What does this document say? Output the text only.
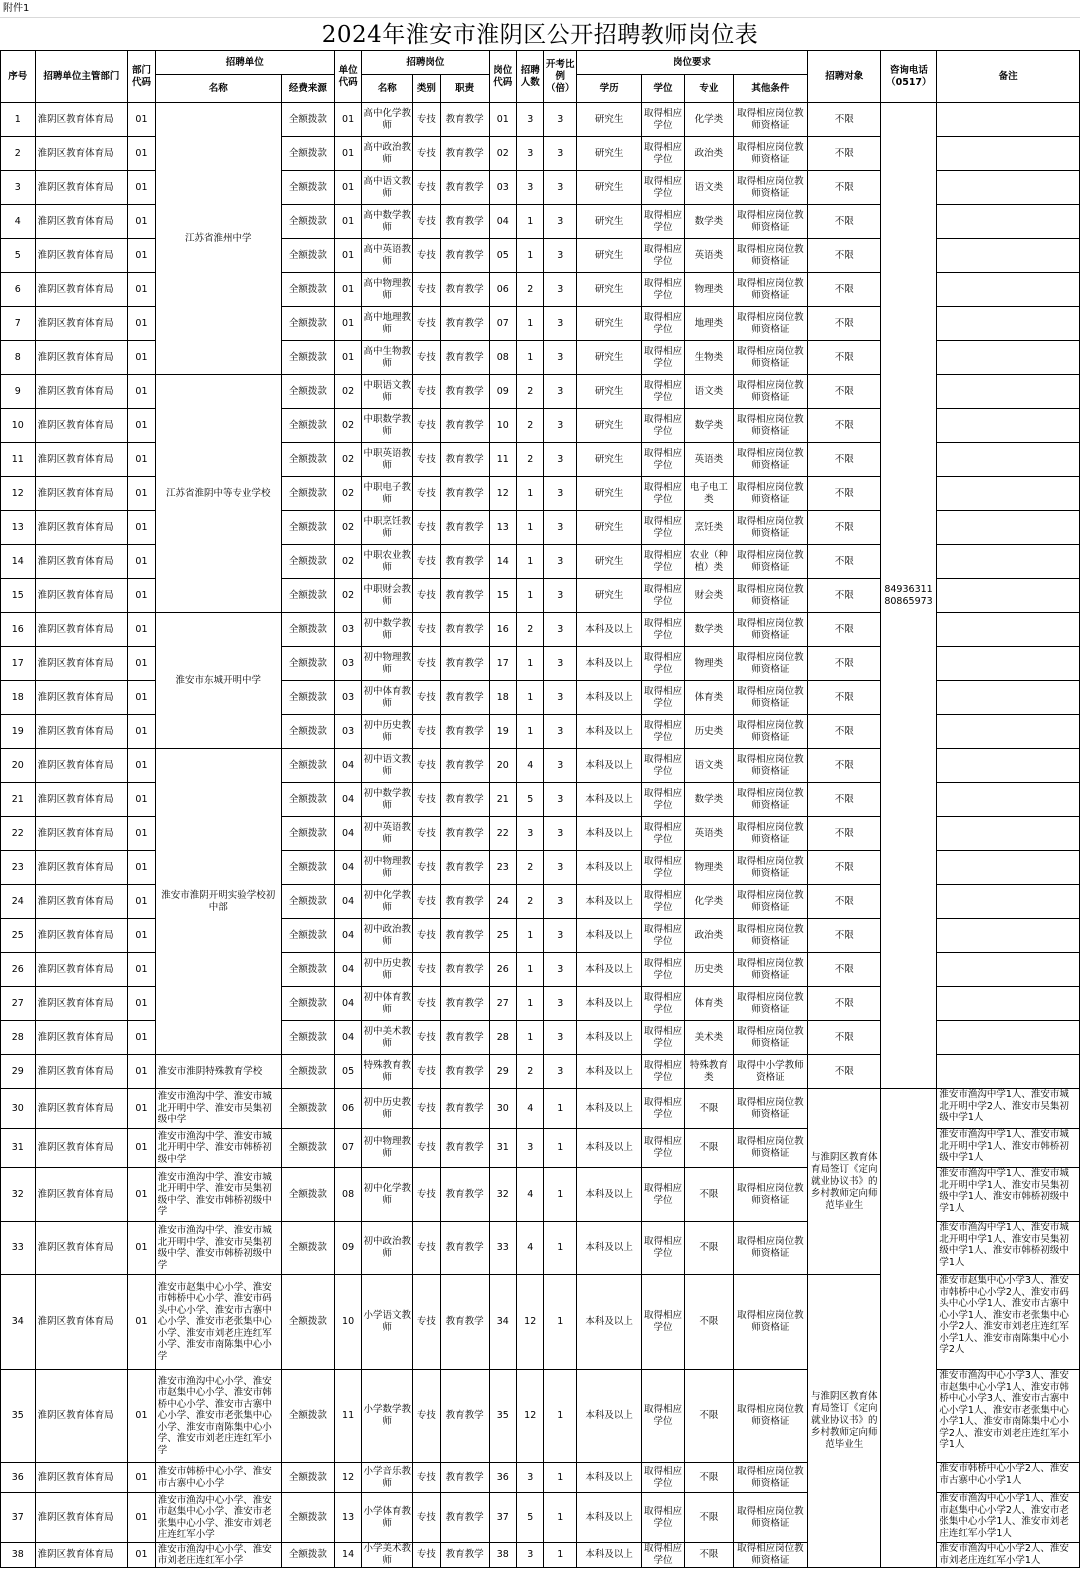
附件1
2024年淮安市淮阴区公开招聘教师岗位表
序号	招聘单位主管部门	部门代码	招聘单位		单位代码	招聘岗位			岗位代码	招聘人数	开考比例（倍）	岗位要求				招聘对象	咨询电话（0517）	备注
			名称	经费来源		名称	类别	职责				学历	学位	专业	其他条件			
1	淮阴区教育体育局	01	江苏省淮州中学	全额拨款	01	高中化学教师	专技	教育教学	01	3	3	研究生	取得相应学位	化学类	取得相应岗位教师资格证	不限	84936311
80865973	
2	淮阴区教育体育局	01		全额拨款	01	高中政治教师	专技	教育教学	02	3	3	研究生	取得相应学位	政治类	取得相应岗位教师资格证	不限		
3	淮阴区教育体育局	01		全额拨款	01	高中语文教师	专技	教育教学	03	3	3	研究生	取得相应学位	语文类	取得相应岗位教师资格证	不限		
4	淮阴区教育体育局	01		全额拨款	01	高中数学教师	专技	教育教学	04	1	3	研究生	取得相应学位	数学类	取得相应岗位教师资格证	不限		
5	淮阴区教育体育局	01		全额拨款	01	高中英语教师	专技	教育教学	05	1	3	研究生	取得相应学位	英语类	取得相应岗位教师资格证	不限		
6	淮阴区教育体育局	01		全额拨款	01	高中物理教师	专技	教育教学	06	2	3	研究生	取得相应学位	物理类	取得相应岗位教师资格证	不限		
7	淮阴区教育体育局	01		全额拨款	01	高中地理教师	专技	教育教学	07	1	3	研究生	取得相应学位	地理类	取得相应岗位教师资格证	不限		
8	淮阴区教育体育局	01		全额拨款	01	高中生物教师	专技	教育教学	08	1	3	研究生	取得相应学位	生物类	取得相应岗位教师资格证	不限		
9	淮阴区教育体育局	01	江苏省淮阴中等专业学校	全额拨款	02	中职语文教师	专技	教育教学	09	2	3	研究生	取得相应学位	语文类	取得相应岗位教师资格证	不限		
10	淮阴区教育体育局	01		全额拨款	02	中职数学教师	专技	教育教学	10	2	3	研究生	取得相应学位	数学类	取得相应岗位教师资格证	不限		
11	淮阴区教育体育局	01		全额拨款	02	中职英语教师	专技	教育教学	11	2	3	研究生	取得相应学位	英语类	取得相应岗位教师资格证	不限		
12	淮阴区教育体育局	01		全额拨款	02	中职电子教师	专技	教育教学	12	1	3	研究生	取得相应学位	电子电工类	取得相应岗位教师资格证	不限		
13	淮阴区教育体育局	01		全额拨款	02	中职烹饪教师	专技	教育教学	13	1	3	研究生	取得相应学位	烹饪类	取得相应岗位教师资格证	不限		
14	淮阴区教育体育局	01		全额拨款	02	中职农业教师	专技	教育教学	14	1	3	研究生	取得相应学位	农业（种植）类	取得相应岗位教师资格证	不限		
15	淮阴区教育体育局	01		全额拨款	02	中职财会教师	专技	教育教学	15	1	3	研究生	取得相应学位	财会类	取得相应岗位教师资格证	不限		
16	淮阴区教育体育局	01	淮安市东城开明中学	全额拨款	03	初中数学教师	专技	教育教学	16	2	3	本科及以上	取得相应学位	数学类	取得相应岗位教师资格证	不限		
17	淮阴区教育体育局	01		全额拨款	03	初中物理教师	专技	教育教学	17	1	3	本科及以上	取得相应学位	物理类	取得相应岗位教师资格证	不限		
18	淮阴区教育体育局	01		全额拨款	03	初中体育教师	专技	教育教学	18	1	3	本科及以上	取得相应学位	体育类	取得相应岗位教师资格证	不限		
19	淮阴区教育体育局	01		全额拨款	03	初中历史教师	专技	教育教学	19	1	3	本科及以上	取得相应学位	历史类	取得相应岗位教师资格证	不限		
20	淮阴区教育体育局	01	淮安市淮阴开明实验学校初中部	全额拨款	04	初中语文教师	专技	教育教学	20	4	3	本科及以上	取得相应学位	语文类	取得相应岗位教师资格证	不限		
21	淮阴区教育体育局	01		全额拨款	04	初中数学教师	专技	教育教学	21	5	3	本科及以上	取得相应学位	数学类	取得相应岗位教师资格证	不限		
22	淮阴区教育体育局	01		全额拨款	04	初中英语教师	专技	教育教学	22	3	3	本科及以上	取得相应学位	英语类	取得相应岗位教师资格证	不限		
23	淮阴区教育体育局	01		全额拨款	04	初中物理教师	专技	教育教学	23	2	3	本科及以上	取得相应学位	物理类	取得相应岗位教师资格证	不限		
24	淮阴区教育体育局	01		全额拨款	04	初中化学教师	专技	教育教学	24	2	3	本科及以上	取得相应学位	化学类	取得相应岗位教师资格证	不限		
25	淮阴区教育体育局	01		全额拨款	04	初中政治教师	专技	教育教学	25	1	3	本科及以上	取得相应学位	政治类	取得相应岗位教师资格证	不限		
26	淮阴区教育体育局	01		全额拨款	04	初中历史教师	专技	教育教学	26	1	3	本科及以上	取得相应学位	历史类	取得相应岗位教师资格证	不限		
27	淮阴区教育体育局	01		全额拨款	04	初中体育教师	专技	教育教学	27	1	3	本科及以上	取得相应学位	体育类	取得相应岗位教师资格证	不限		
28	淮阴区教育体育局	01		全额拨款	04	初中美术教师	专技	教育教学	28	1	3	本科及以上	取得相应学位	美术类	取得相应岗位教师资格证	不限		
29	淮阴区教育体育局	01	淮安市淮阴特殊教育学校	全额拨款	05	特殊教育教师	专技	教育教学	29	2	3	本科及以上	取得相应学位	特殊教育类	取得中小学教师资格证	不限		
30	淮阴区教育体育局	01	淮安市渔沟中学、淮安市城北开明中学、淮安市吴集初级中学	全额拨款	06	初中历史教师	专技	教育教学	30	4	1	本科及以上	取得相应学位	不限	取得相应岗位教师资格证	与淮阴区教育体育局签订《定向就业协议书》的乡村教师定向师范毕业生		淮安市渔沟中学1人、淮安市城北开明中学2人、淮安市吴集初级中学1人
31	淮阴区教育体育局	01	淮安市渔沟中学、淮安市城北开明中学、淮安市韩桥初级中学	全额拨款	07	初中物理教师	专技	教育教学	31	3	1	本科及以上	取得相应学位	不限	取得相应岗位教师资格证			淮安市渔沟中学1人、淮安市城北开明中学1人、淮安市韩桥初级中学1人
32	淮阴区教育体育局	01	淮安市渔沟中学、淮安市城北开明中学、淮安市吴集初级中学、淮安市韩桥初级中学	全额拨款	08	初中化学教师	专技	教育教学	32	4	1	本科及以上	取得相应学位	不限	取得相应岗位教师资格证			淮安市渔沟中学1人、淮安市城北开明中学1人、淮安市吴集初级中学1人、淮安市韩桥初级中学1人
33	淮阴区教育体育局	01	淮安市渔沟中学、淮安市城北开明中学、淮安市吴集初级中学、淮安市韩桥初级中学	全额拨款	09	初中政治教师	专技	教育教学	33	4	1	本科及以上	取得相应学位	不限	取得相应岗位教师资格证			淮安市渔沟中学1人、淮安市城北开明中学1人、淮安市吴集初级中学1人、淮安市韩桥初级中学1人
34	淮阴区教育体育局	01	淮安市赵集中心小学、淮安市韩桥中心小学、淮安市码头中心小学、淮安市古寨中心小学、淮安市老张集中心小学、淮安市刘老庄连红军小学、淮安市南陈集中心小学	全额拨款	10	小学语文教师	专技	教育教学	34	12	1	本科及以上	取得相应学位	不限	取得相应岗位教师资格证	与淮阴区教育体育局签订《定向就业协议书》的乡村教师定向师范毕业生		淮安市赵集中心小学3人、淮安市韩桥中心小学2人、淮安市码头中心小学1人、淮安市古寨中心小学1人、淮安市老张集中心小学2人、淮安市刘老庄连红军小学1人、淮安市南陈集中心小学2人
35	淮阴区教育体育局	01	淮安市渔沟中心小学、淮安市赵集中心小学、淮安市韩桥中心小学、淮安市古寨中心小学、淮安市老张集中心小学、淮安市南陈集中心小学、淮安市刘老庄连红军小学	全额拨款	11	小学数学教师	专技	教育教学	35	12	1	本科及以上	取得相应学位	不限	取得相应岗位教师资格证			淮安市渔沟中心小学3人、淮安市赵集中心小学1人、淮安市韩桥中心小学3人、淮安市古寨中心小学1人、淮安市老张集中心小学1人、淮安市南陈集中心小学2人、淮安市刘老庄连红军小学1人
36	淮阴区教育体育局	01	淮安市韩桥中心小学、淮安市古寨中心小学	全额拨款	12	小学音乐教师	专技	教育教学	36	3	1	本科及以上	取得相应学位	不限	取得相应岗位教师资格证			淮安市韩桥中心小学2人、淮安市古寨中心小学1人
37	淮阴区教育体育局	01	淮安市渔沟中心小学、淮安市赵集中心小学、淮安市老张集中心小学、淮安市刘老庄连红军小学	全额拨款	13	小学体育教师	专技	教育教学	37	5	1	本科及以上	取得相应学位	不限	取得相应岗位教师资格证			淮安市渔沟中心小学1人、淮安市赵集中心小学2人、淮安市老张集中心小学1人、淮安市刘老庄连红军小学1人
38	淮阴区教育体育局	01	淮安市渔沟中心小学、淮安市刘老庄连红军小学	全额拨款	14	小学美术教师	专技	教育教学	38	3	1	本科及以上	取得相应学位	不限	取得相应岗位教师资格证			淮安市渔沟中心小学2人、淮安市刘老庄连红军小学1人
